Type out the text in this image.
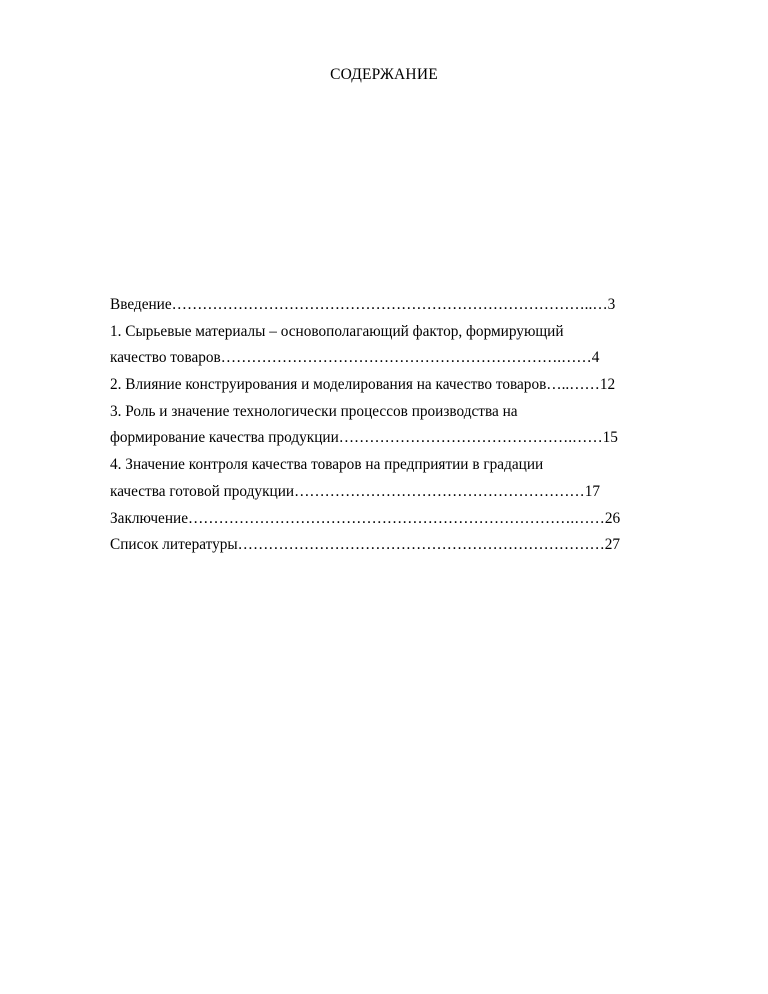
СОДЕРЖАНИЕ
Введение………………………………………………………………………..…3
1. Сырьевые материалы – основополагающий фактор, формирующий
качество товаров………………………………………………………….……4
2. Влияние конструирования и моделирования на качество товаров…..……12
3. Роль и значение технологически процессов производства на
формирование качества продукции……………………………………….……15
4. Значение контроля качества товаров на предприятии в градации
качества готовой продукции…………………………………………………17
Заключение………………………………………………………………….……26
Список литературы………………………………………………………………27
